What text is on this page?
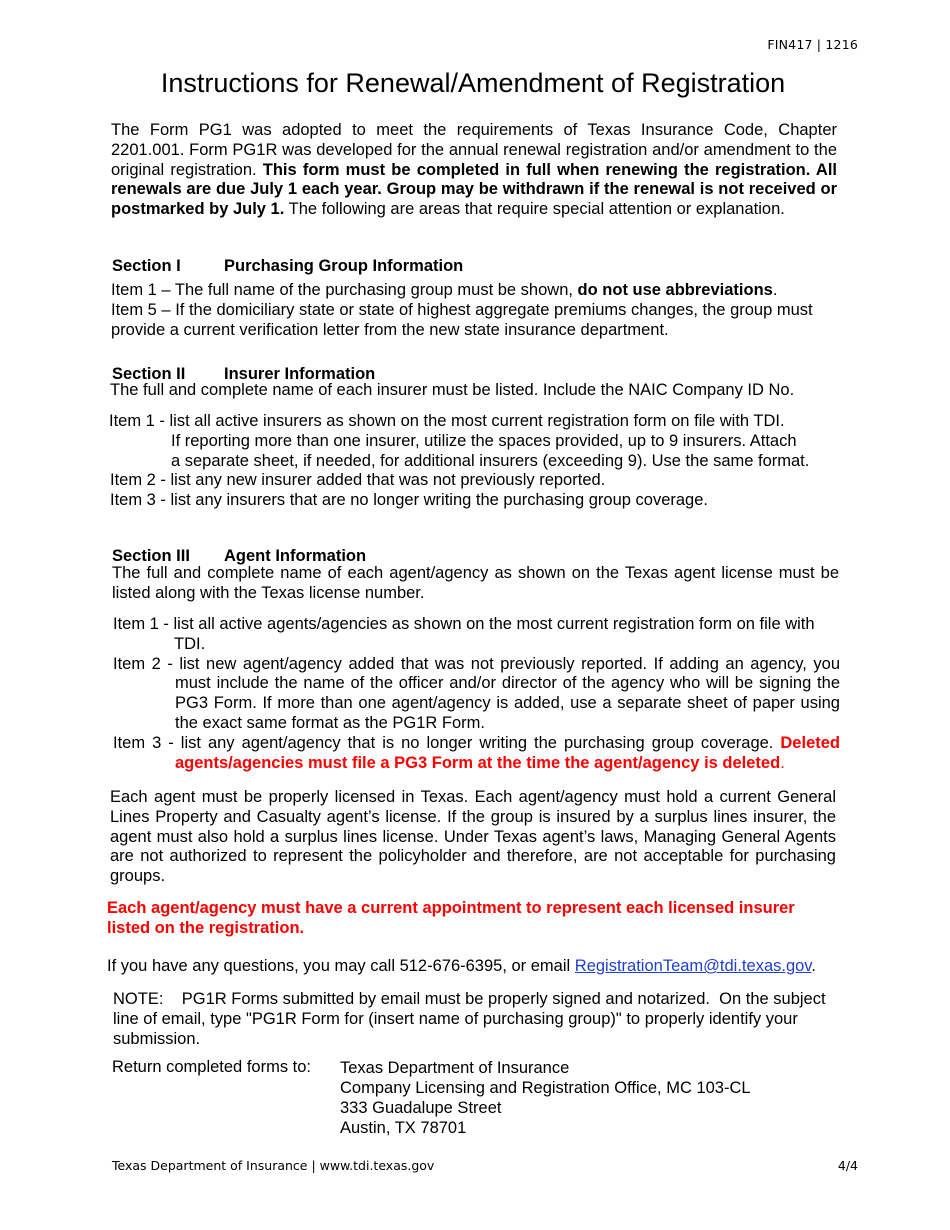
FIN417 | 1216
Instructions for Renewal/Amendment of Registration
The Form PG1 was adopted to meet the requirements of Texas Insurance Code, Chapter 2201.001. Form PG1R was developed for the annual renewal registration and/or amendment to the original registration. This form must be completed in full when renewing the registration. All renewals are due July 1 each year. Group may be withdrawn if the renewal is not received or postmarked by July 1. The following are areas that require special attention or explanation.
Section I	Purchasing Group Information
Item 1 – The full name of the purchasing group must be shown, do not use abbreviations.
Item 5 – If the domiciliary state or state of highest aggregate premiums changes, the group must provide a current verification letter from the new state insurance department.
Section II Insurer Information
The full and complete name of each insurer must be listed. Include the NAIC Company ID No.
Item 1 - list all active insurers as shown on the most current registration form on file with TDI.
If reporting more than one insurer, utilize the spaces provided, up to 9 insurers. Attach
a separate sheet, if needed, for additional insurers (exceeding 9). Use the same format.
Item 2 - list any new insurer added that was not previously reported.
Item 3 - list any insurers that are no longer writing the purchasing group coverage.
Section III Agent Information
The full and complete name of each agent/agency as shown on the Texas agent license must be listed along with the Texas license number.
Item 1 - list all active agents/agencies as shown on the most current registration form on file with TDI.
Item 2 - list new agent/agency added that was not previously reported. If adding an agency, you must include the name of the officer and/or director of the agency who will be signing the PG3 Form. If more than one agent/agency is added, use a separate sheet of paper using the exact same format as the PG1R Form.
Item 3 - list any agent/agency that is no longer writing the purchasing group coverage. Deleted agents/agencies must file a PG3 Form at the time the agent/agency is deleted.
Each agent must be properly licensed in Texas. Each agent/agency must hold a current General Lines Property and Casualty agent’s license. If the group is insured by a surplus lines insurer, the agent must also hold a surplus lines license. Under Texas agent’s laws, Managing General Agents are not authorized to represent the policyholder and therefore, are not acceptable for purchasing groups.
Each agent/agency must have a current appointment to represent each licensed insurer listed on the registration.
If you have any questions, you may call 512-676-6395, or email RegistrationTeam@tdi.texas.gov.
NOTE:    PG1R Forms submitted by email must be properly signed and notarized.  On the subject line of email, type "PG1R Form for (insert name of purchasing group)" to properly identify your submission.
Return completed forms to: Texas Department of Insurance
Company Licensing and Registration Office, MC 103-CL
333 Guadalupe Street
Austin, TX 78701
Texas Department of Insurance | www.tdi.texas.gov	4/4
